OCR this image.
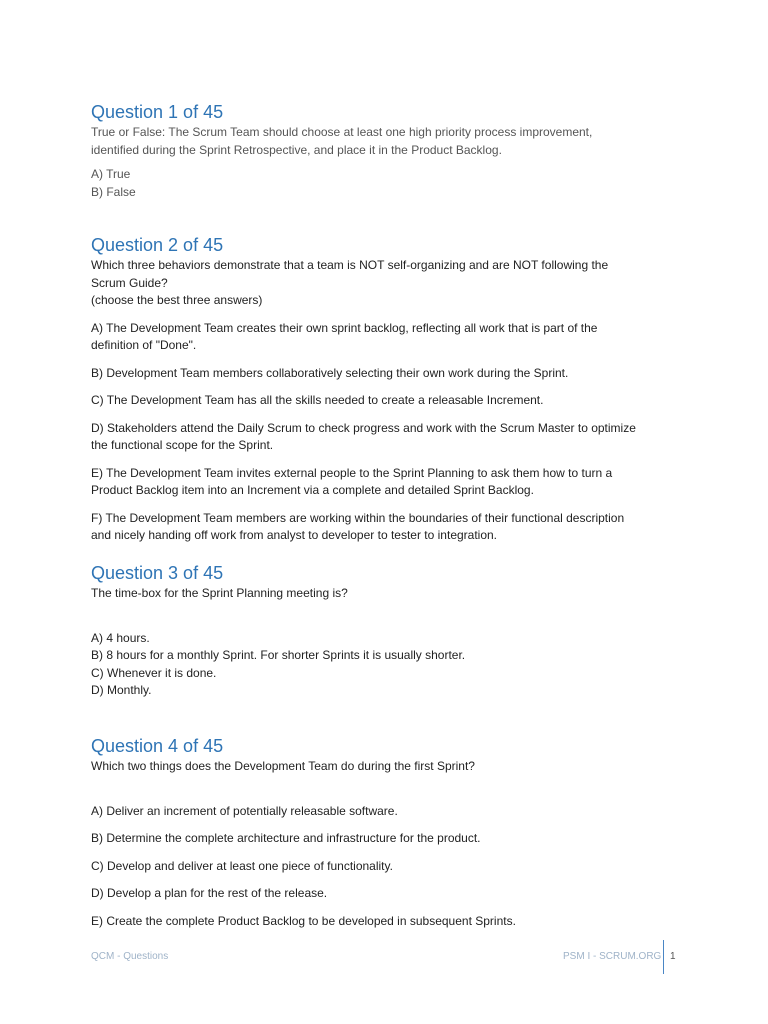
Question 1 of 45

True or False: The Scrum Team should choose at least one high priority process improvement,

identified during the Sprint Retrospective, and place it in the Product Backlog.

A) True

B) False

Question 2 of 45

Which three behaviors demonstrate that a team is NOT self-organizing and are NOT following the

Scrum Guide?

(choose the best three answers)

A) The Development Team creates their own sprint backlog, reflecting all work that is part of the

definition of "Done".

B) Development Team members collaboratively selecting their own work during the Sprint.

C) The Development Team has all the skills needed to create a releasable Increment.

D) Stakeholders attend the Daily Scrum to check progress and work with the Scrum Master to optimize

the functional scope for the Sprint.

E) The Development Team invites external people to the Sprint Planning to ask them how to turn a

Product Backlog item into an Increment via a complete and detailed Sprint Backlog.

F) The Development Team members are working within the boundaries of their functional description

and nicely handing off work from analyst to developer to tester to integration.

Question 3 of 45

The time-box for the Sprint Planning meeting is?

A) 4 hours.

B) 8 hours for a monthly Sprint. For shorter Sprints it is usually shorter.

C) Whenever it is done.

D) Monthly.

Question 4 of 45

Which two things does the Development Team do during the first Sprint?

A) Deliver an increment of potentially releasable software.

B) Determine the complete architecture and infrastructure for the product.

C) Develop and deliver at least one piece of functionality.

D) Develop a plan for the rest of the release.

E) Create the complete Product Backlog to be developed in subsequent Sprints.

QCM - Questions	PSM I - SCRUM.ORG 1
